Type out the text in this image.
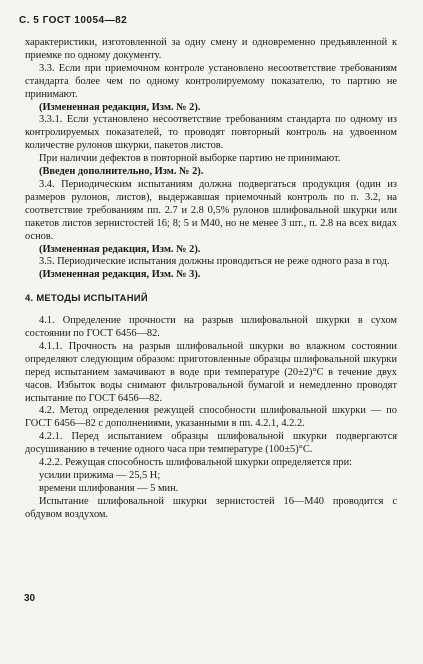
С. 5 ГОСТ 10054—82

характеристики, изготовленной за одну смену и одновременно предъявленной к приемке по одному документу.

3.3. Если при приемочном контроле установлено несоответствие требованиям стандарта более чем по одному контролируемому показателю, то партию не принимают.

(Измененная редакция, Изм. № 2).

3.3.1. Если установлено несоответствие требованиям стандарта по одному из контролируемых показателей, то проводят повторный контроль на удвоенном количестве рулонов шкурки, пакетов листов.

При наличии дефектов в повторной выборке партию не принимают.

(Введен дополнительно, Изм. № 2).

3.4. Периодическим испытаниям должна подвергаться продукция (один из размеров рулонов, листов), выдержавшая приемочный контроль по п. 3.2, на соответствие требованиям пп. 2.7 и 2.8 0,5% рулонов шлифовальной шкурки или пакетов листов зернистостей 16; 8; 5 и М40, но не менее 3 шт., п. 2.8 на всех видах основ.

(Измененная редакция, Изм. № 2).

3.5. Периодические испытания должны проводиться не реже одного раза в год.

(Измененная редакция, Изм. № 3).

4. МЕТОДЫ ИСПЫТАНИЙ

4.1. Определение прочности на разрыв шлифовальной шкурки в сухом состоянии по ГОСТ 6456—82.

4.1.1. Прочность на разрыв шлифовальной шкурки во влажном состоянии определяют следующим образом: приготовленные образцы шлифовальной шкурки перед испытанием замачивают в воде при температуре (20±2)°С в течение двух часов. Избыток воды снимают фильтровальной бумагой и немедленно проводят испытание по ГОСТ 6456—82.

4.2. Метод определения режущей способности шлифовальной шкурки — по ГОСТ 6456—82 с дополнениями, указанными в пп. 4.2.1, 4.2.2.

4.2.1. Перед испытанием образцы шлифовальной шкурки подвергаются досушиванию в течение одного часа при температуре (100±5)°С.

4.2.2. Режущая способность шлифовальной шкурки определяется при:

усилии прижима — 25,5 Н;

времени шлифования — 5 мин.

Испытание шлифовальной шкурки зернистостей 16—М40 проводится с обдувом воздухом.

30
